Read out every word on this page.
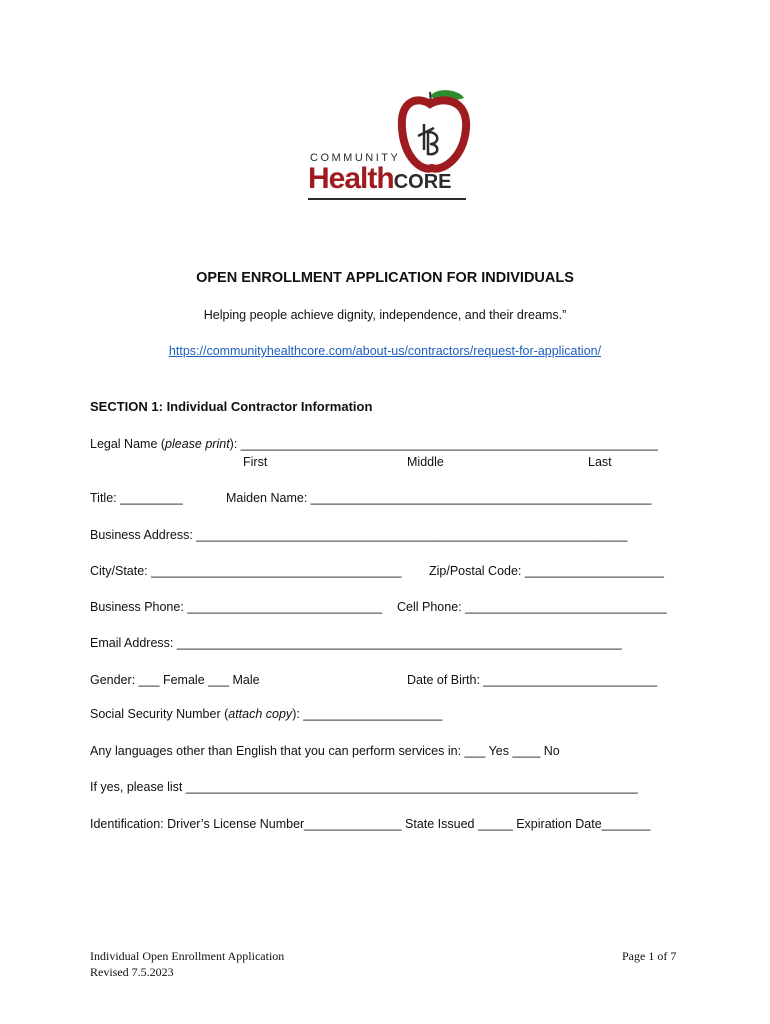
COMMUNITY
HealthCORE
OPEN ENROLLMENT APPLICATION FOR INDIVIDUALS
Helping people achieve dignity, independence, and their dreams.”
https://communityhealthcore.com/about-us/contractors/request-for-application/
SECTION 1: Individual Contractor Information
Legal Name (please print): ____________________________________________________________
First	Middle	Last
Title: _________	Maiden Name: _________________________________________________
Business Address: ______________________________________________________________
City/State: ____________________________________ Zip/Postal Code: ____________________
Business Phone: ____________________________ Cell Phone: _____________________________
Email Address: ________________________________________________________________
Gender: ___ Female ___ Male	Date of Birth: _________________________
Social Security Number (attach copy): ____________________
Any languages other than English that you can perform services in: ___ Yes ____ No
If yes, please list _________________________________________________________________
Identification: Driver’s License Number______________ State Issued _____ Expiration Date_______
Individual Open Enrollment Application
Revised 7.5.2023
Page 1 of 7
